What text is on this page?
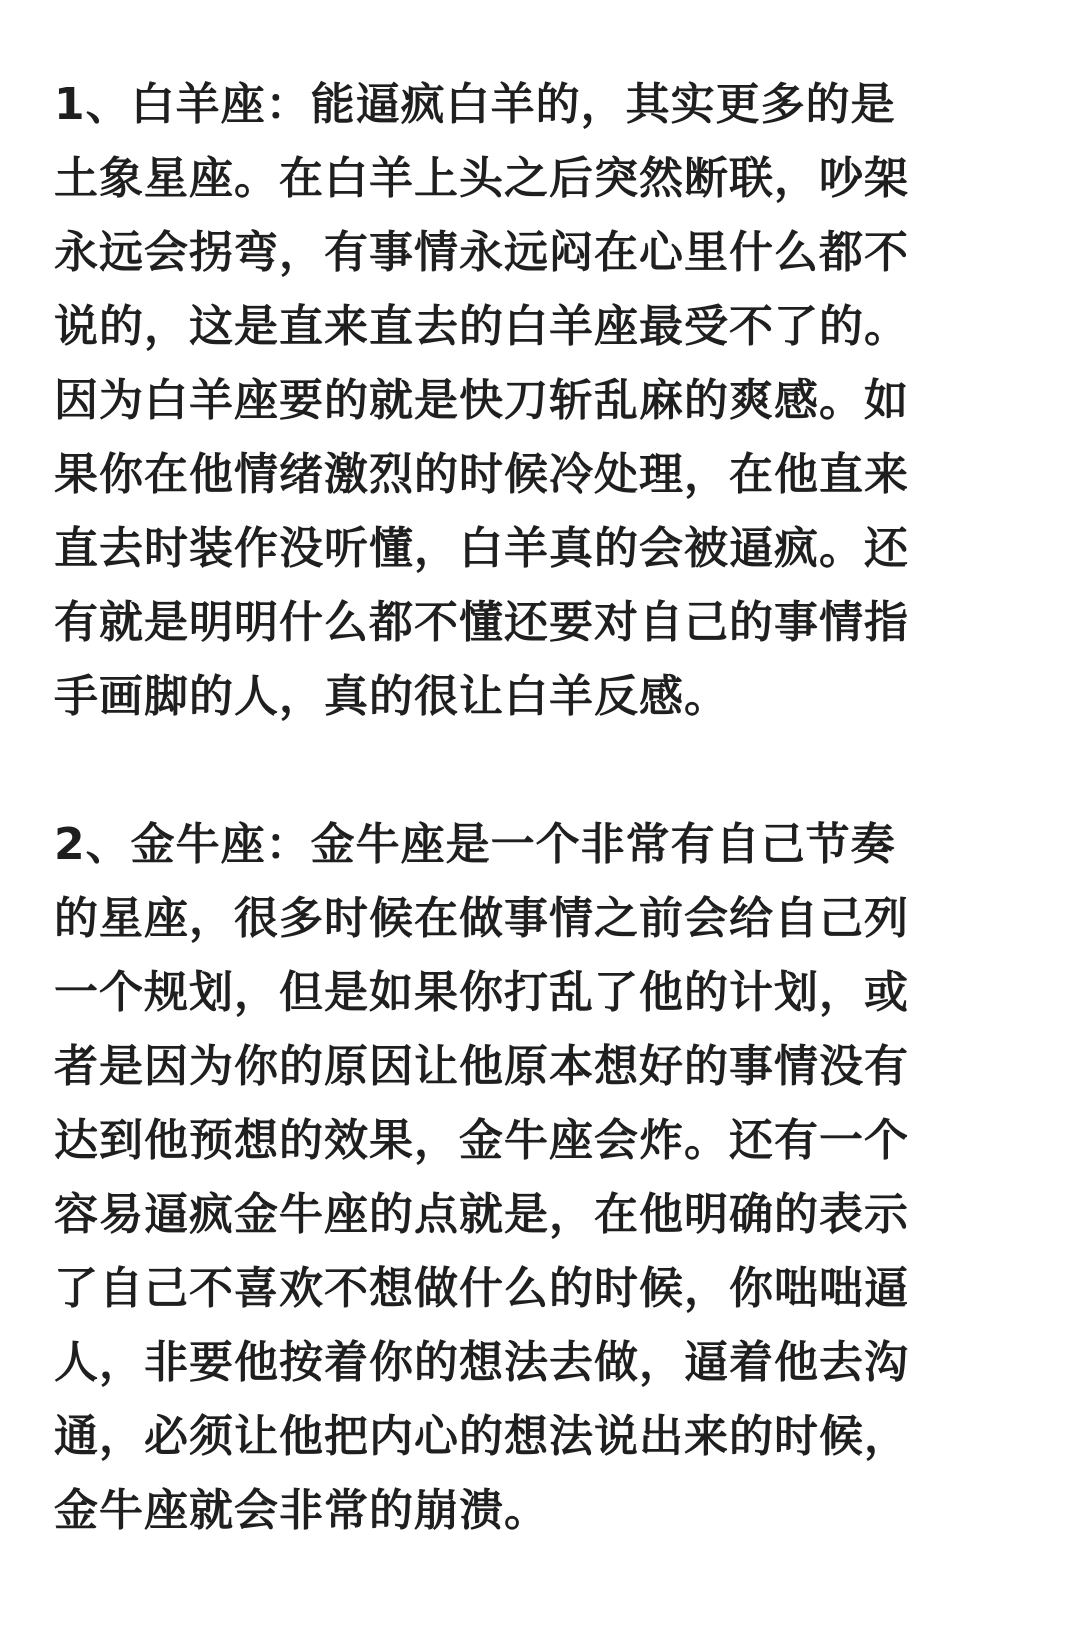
1、白羊座：能逼疯白羊的，其实更多的是
土象星座。在白羊上头之后突然断联，吵架
永远会拐弯，有事情永远闷在心里什么都不
说的，这是直来直去的白羊座最受不了的。
因为白羊座要的就是快刀斩乱麻的爽感。如
果你在他情绪激烈的时候冷处理，在他直来
直去时装作没听懂，白羊真的会被逼疯。还
有就是明明什么都不懂还要对自己的事情指
手画脚的人，真的很让白羊反感。

2、金牛座：金牛座是一个非常有自己节奏
的星座，很多时候在做事情之前会给自己列
一个规划，但是如果你打乱了他的计划，或
者是因为你的原因让他原本想好的事情没有
达到他预想的效果，金牛座会炸。还有一个
容易逼疯金牛座的点就是，在他明确的表示
了自己不喜欢不想做什么的时候，你咄咄逼
人，非要他按着你的想法去做，逼着他去沟
通，必须让他把内心的想法说出来的时候，
金牛座就会非常的崩溃。
